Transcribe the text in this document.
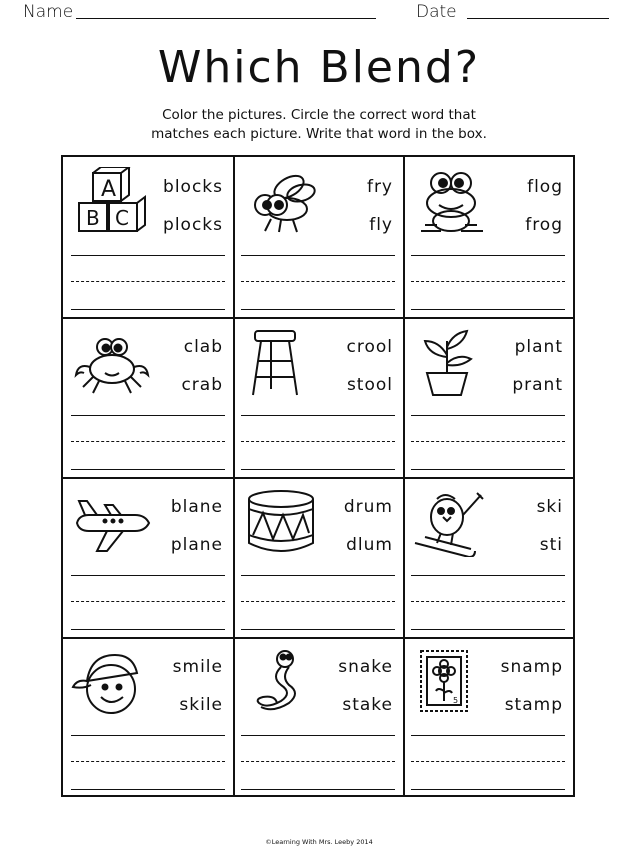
Name	Date
Which Blend?
Color the pictures. Circle the correct word that
matches each picture. Write that word in the box.
A
B C
blocks
plocks
fry
fly
flog
frog
clab
crab
crool
stool
plant
prant
blane
plane
drum
dlum
ski
sti
smile
skile
snake
stake	5
snamp
stamp
©Learning With Mrs. Leeby 2014
